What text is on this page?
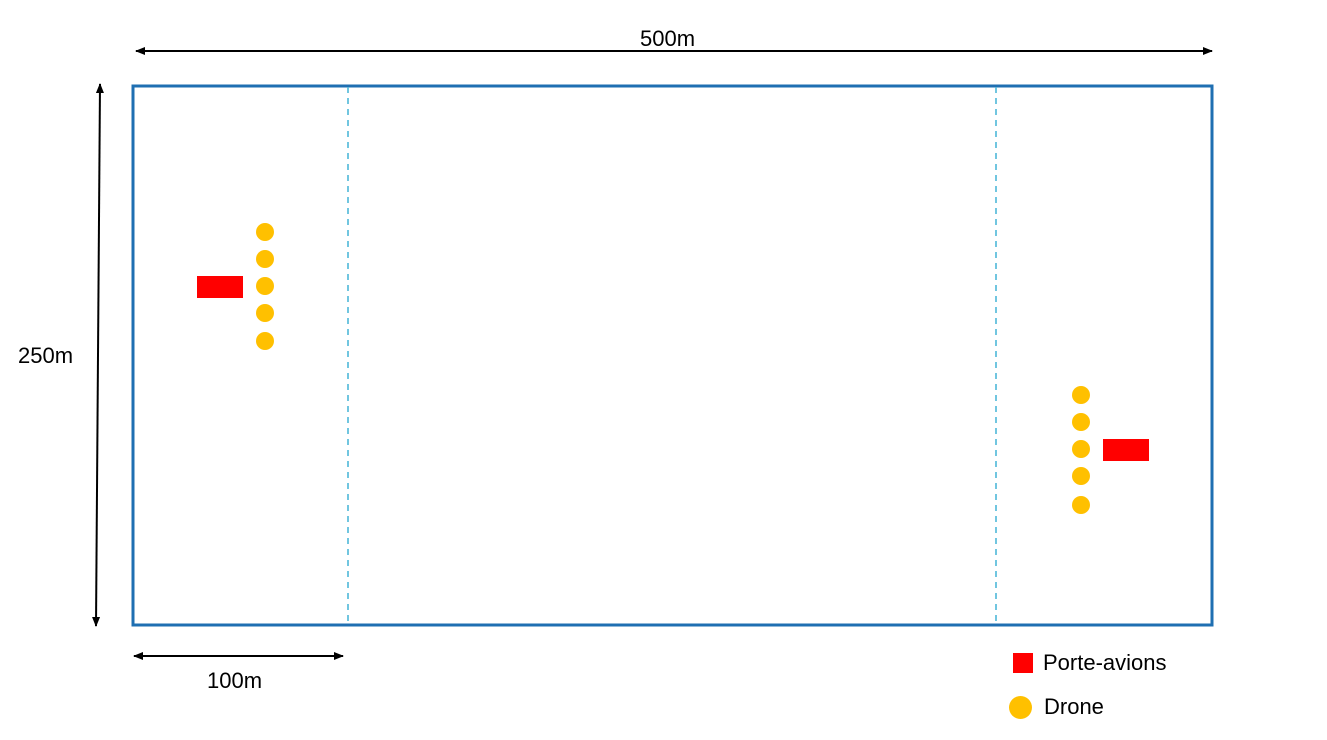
500m
250m
100m
Porte-avions
Drone
